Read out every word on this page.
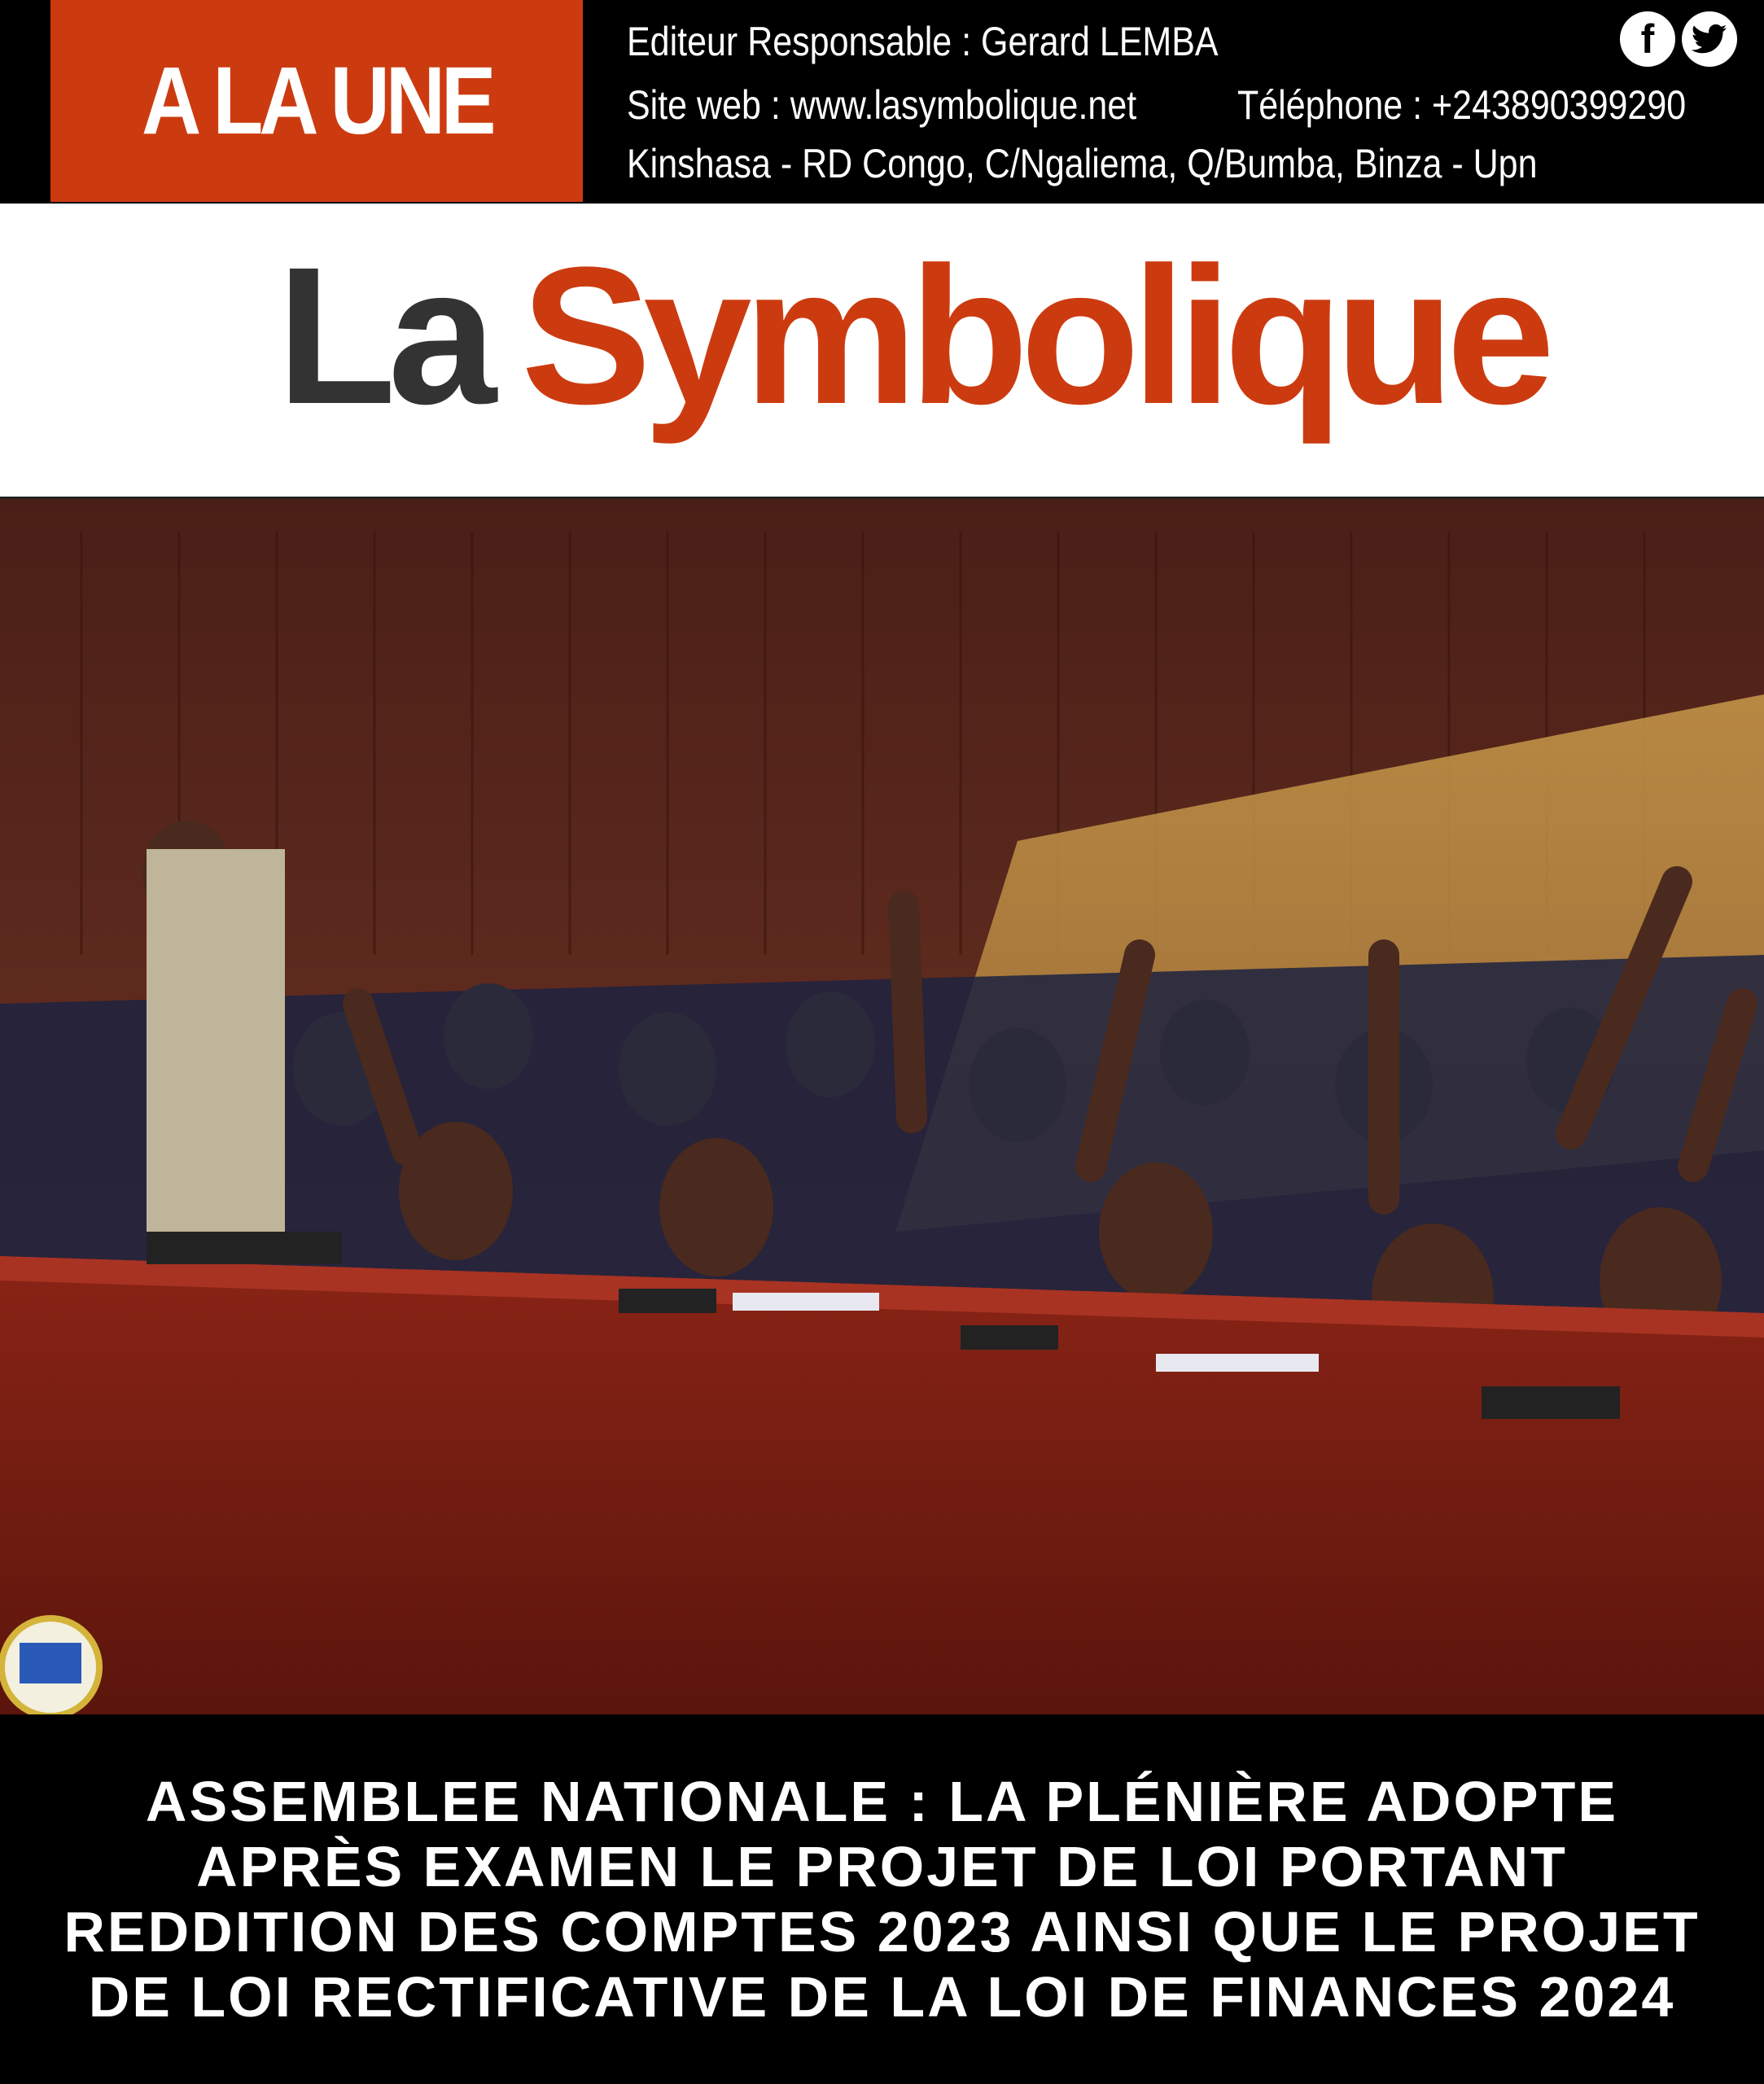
A LA UNE
Editeur Responsable : Gerard LEMBA
Site web : www.lasymbolique.net Téléphone : +243890399290
Kinshasa - RD Congo, C/Ngaliema, Q/Bumba, Binza - Upn
f
La Symbolique

ASSEMBLEE NATIONALE : LA PLÉNIÈRE ADOPTE APRÈS EXAMEN LE PROJET DE LOI PORTANT REDDITION DES COMPTES 2023 AINSI QUE LE PROJET DE LOI RECTIFICATIVE DE LA LOI DE FINANCES 2024
